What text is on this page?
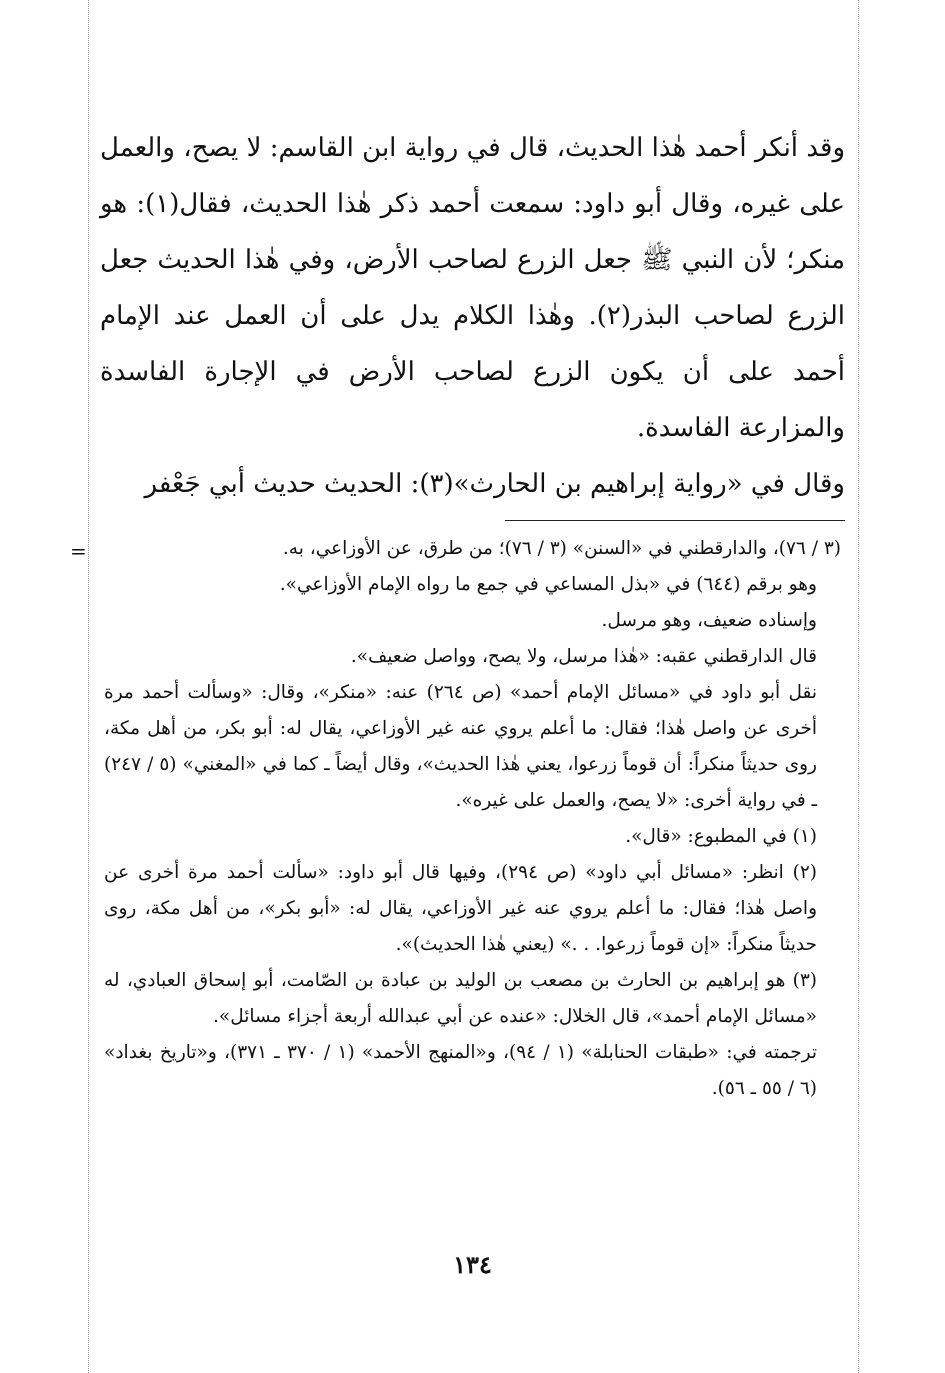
وقد أنكر أحمد هٰذا الحديث، قال في رواية ابن القاسم: لا يصح، والعمل على غيره، وقال أبو داود: سمعت أحمد ذكر هٰذا الحديث، فقال(١): هو منكر؛ لأن النبي ﷺ جعل الزرع لصاحب الأرض، وفي هٰذا الحديث جعل الزرع لصاحب البذر(٢). وهٰذا الكلام يدل على أن العمل عند الإمام أحمد على أن يكون الزرع لصاحب الأرض في الإجارة الفاسدة والمزارعة الفاسدة.

وقال في «رواية إبراهيم بن الحارث»(٣): الحديث حديث أبي جَعْفر

=	(٣ / ٧٦)، والدارقطني في «السنن» (٣ / ٧٦)؛ من طرق، عن الأوزاعي، به.

وهو برقم (٦٤٤) في «بذل المساعي في جمع ما رواه الإمام الأوزاعي».

وإسناده ضعيف، وهو مرسل.

قال الدارقطني عقبه: «هٰذا مرسل، ولا يصح، وواصل ضعيف».

نقل أبو داود في «مسائل الإمام أحمد» (ص ٢٦٤) عنه: «منكر»، وقال: «وسألت أحمد مرة أخرى عن واصل هٰذا؛ فقال: ما أعلم يروي عنه غير الأوزاعي، يقال له: أبو بكر، من أهل مكة، روى حديثاً منكراً: أن قوماً زرعوا، يعني هٰذا الحديث»، وقال أيضاً ـ كما في «المغني» (٥ / ٢٤٧) ـ في رواية أخرى: «لا يصح، والعمل على غيره».

(١) في المطبوع: «قال».

(٢) انظر: «مسائل أبي داود» (ص ٢٩٤)، وفيها قال أبو داود: «سألت أحمد مرة أخرى عن واصل هٰذا؛ فقال: ما أعلم يروي عنه غير الأوزاعي، يقال له: «أبو بكر»، من أهل مكة، روى حديثاً منكراً: «إن قوماً زرعوا. . .» (يعني هٰذا الحديث)».

(٣) هو إبراهيم بن الحارث بن مصعب بن الوليد بن عبادة بن الصّامت، أبو إسحاق العبادي، له «مسائل الإمام أحمد»، قال الخلال: «عنده عن أبي عبدالله أربعة أجزاء مسائل».

ترجمته في: «طبقات الحنابلة» (١ / ٩٤)، و«المنهج الأحمد» (١ / ٣٧٠ ـ ٣٧١)، و«تاريخ بغداد» (٦ / ٥٥ ـ ٥٦).

١٣٤
